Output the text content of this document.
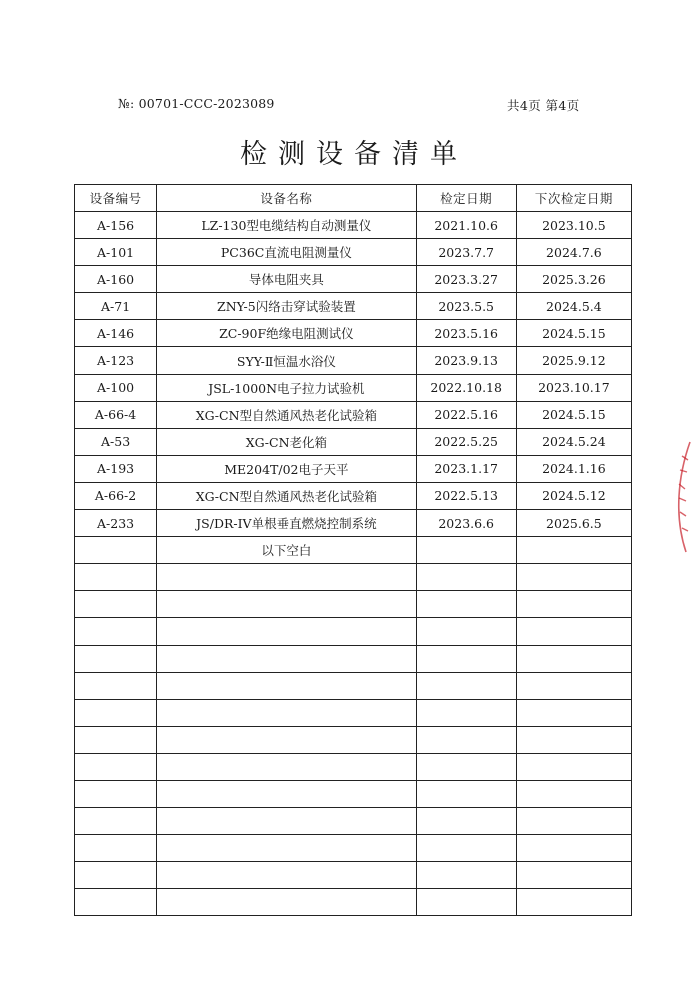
№: 00701-CCC-2023089	共4页 第4页
检测设备清单
设备编号	设备名称	检定日期	下次检定日期
A-156	LZ-130型电缆结构自动测量仪	2021.10.6	2023.10.5
A-101	PC36C直流电阻测量仪	2023.7.7	2024.7.6
A-160	导体电阻夹具	2023.3.27	2025.3.26
A-71	ZNY-5闪络击穿试验装置	2023.5.5	2024.5.4
A-146	ZC-90F绝缘电阻测试仪	2023.5.16	2024.5.15
A-123	SYY-Ⅱ恒温水浴仪	2023.9.13	2025.9.12
A-100	JSL-1000N电子拉力试验机	2022.10.18	2023.10.17
A-66-4	XG-CN型自然通风热老化试验箱	2022.5.16	2024.5.15
A-53	XG-CN老化箱	2022.5.25	2024.5.24
A-193	ME204T/02电子天平	2023.1.17	2024.1.16
A-66-2	XG-CN型自然通风热老化试验箱	2022.5.13	2024.5.12
A-233	JS/DR-IV单根垂直燃烧控制系统	2023.6.6	2025.6.5
	以下空白		
